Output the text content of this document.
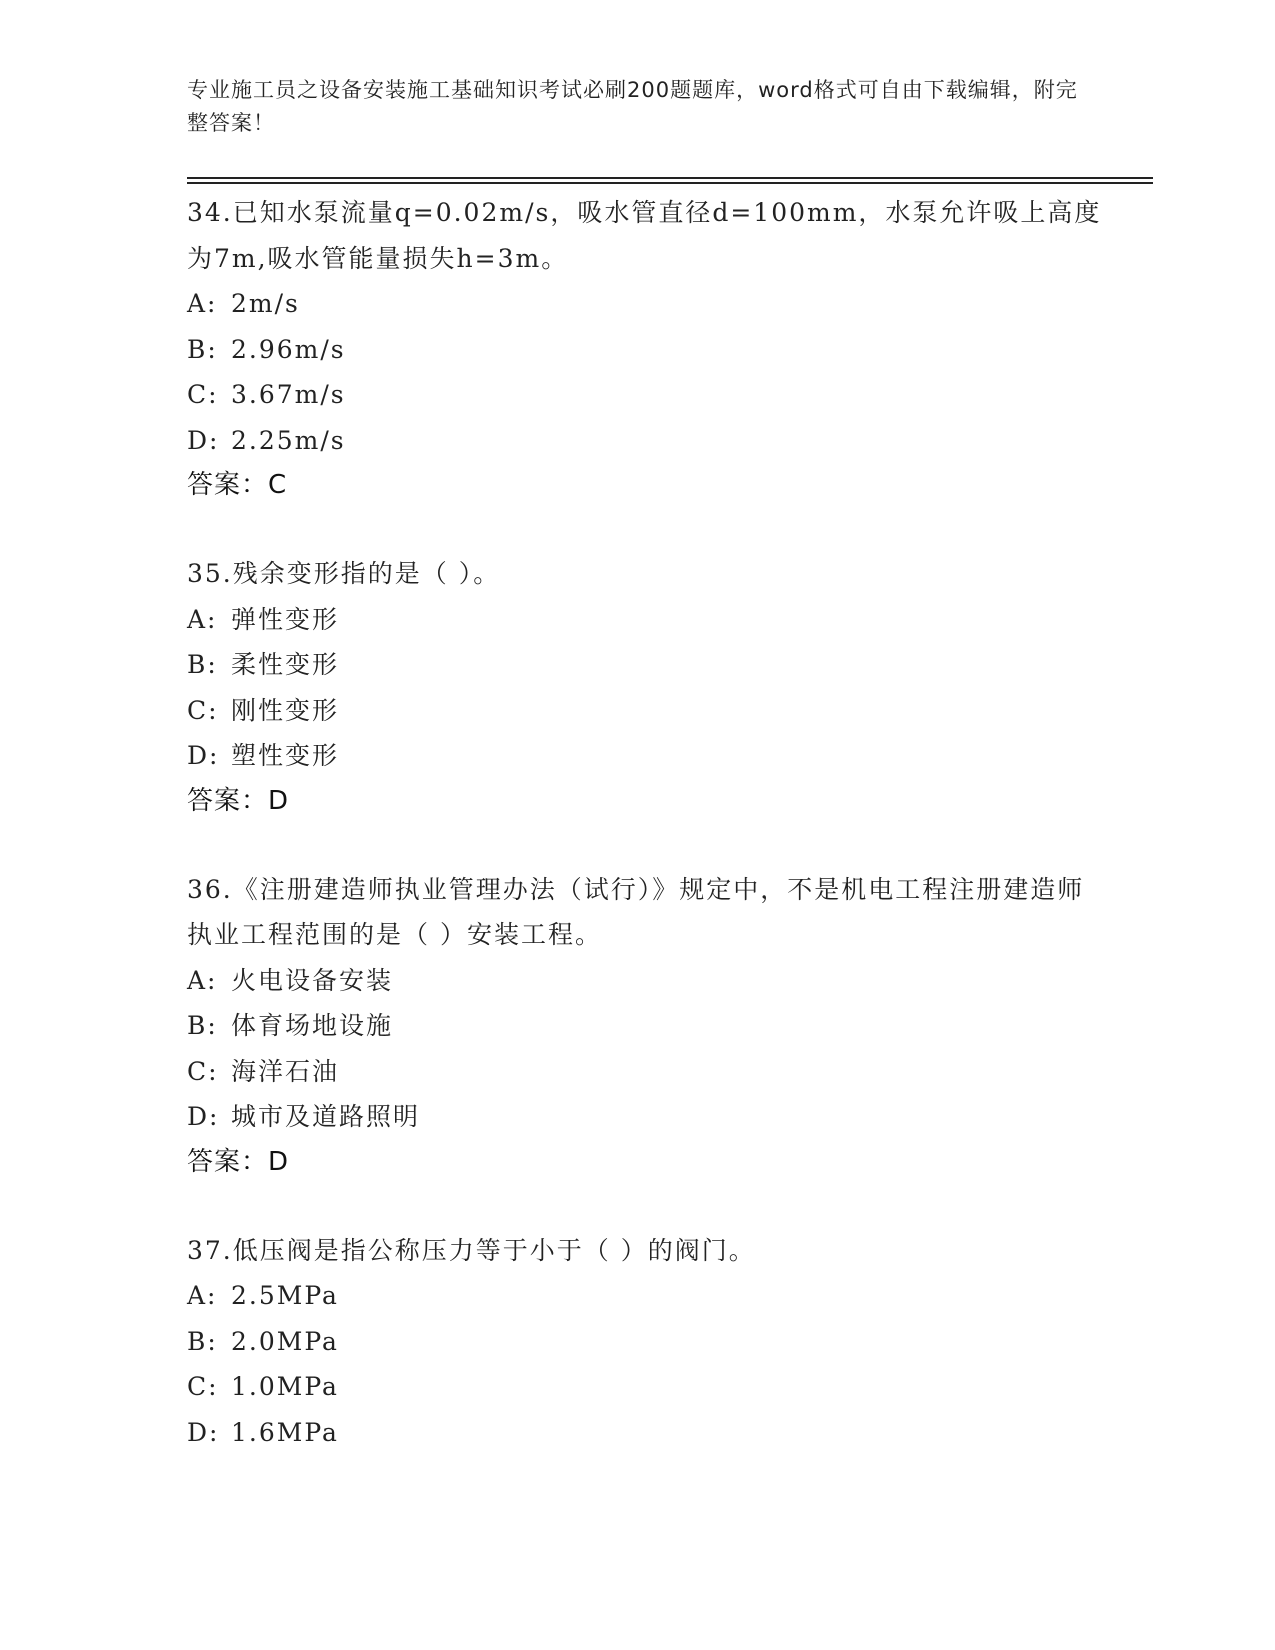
专业施工员之设备安装施工基础知识考试必刷200题题库，word格式可自由下载编辑，附完整答案！
34.已知水泵流量q=0.02m/s，吸水管直径d=100mm，水泵允许吸上高度为7m,吸水管能量损失h=3m。
A: 2m/s
B: 2.96m/s
C: 3.67m/s
D: 2.25m/s
答案：C
35.残余变形指的是（ ）。
A: 弹性变形
B: 柔性变形
C: 刚性变形
D: 塑性变形
答案：D
36.《注册建造师执业管理办法（试行）》规定中，不是机电工程注册建造师执业工程范围的是（ ）安装工程。
A: 火电设备安装
B: 体育场地设施
C: 海洋石油
D: 城市及道路照明
答案：D
37.低压阀是指公称压力等于小于（ ）的阀门。
A: 2.5MPa
B: 2.0MPa
C: 1.0MPa
D: 1.6MPa
